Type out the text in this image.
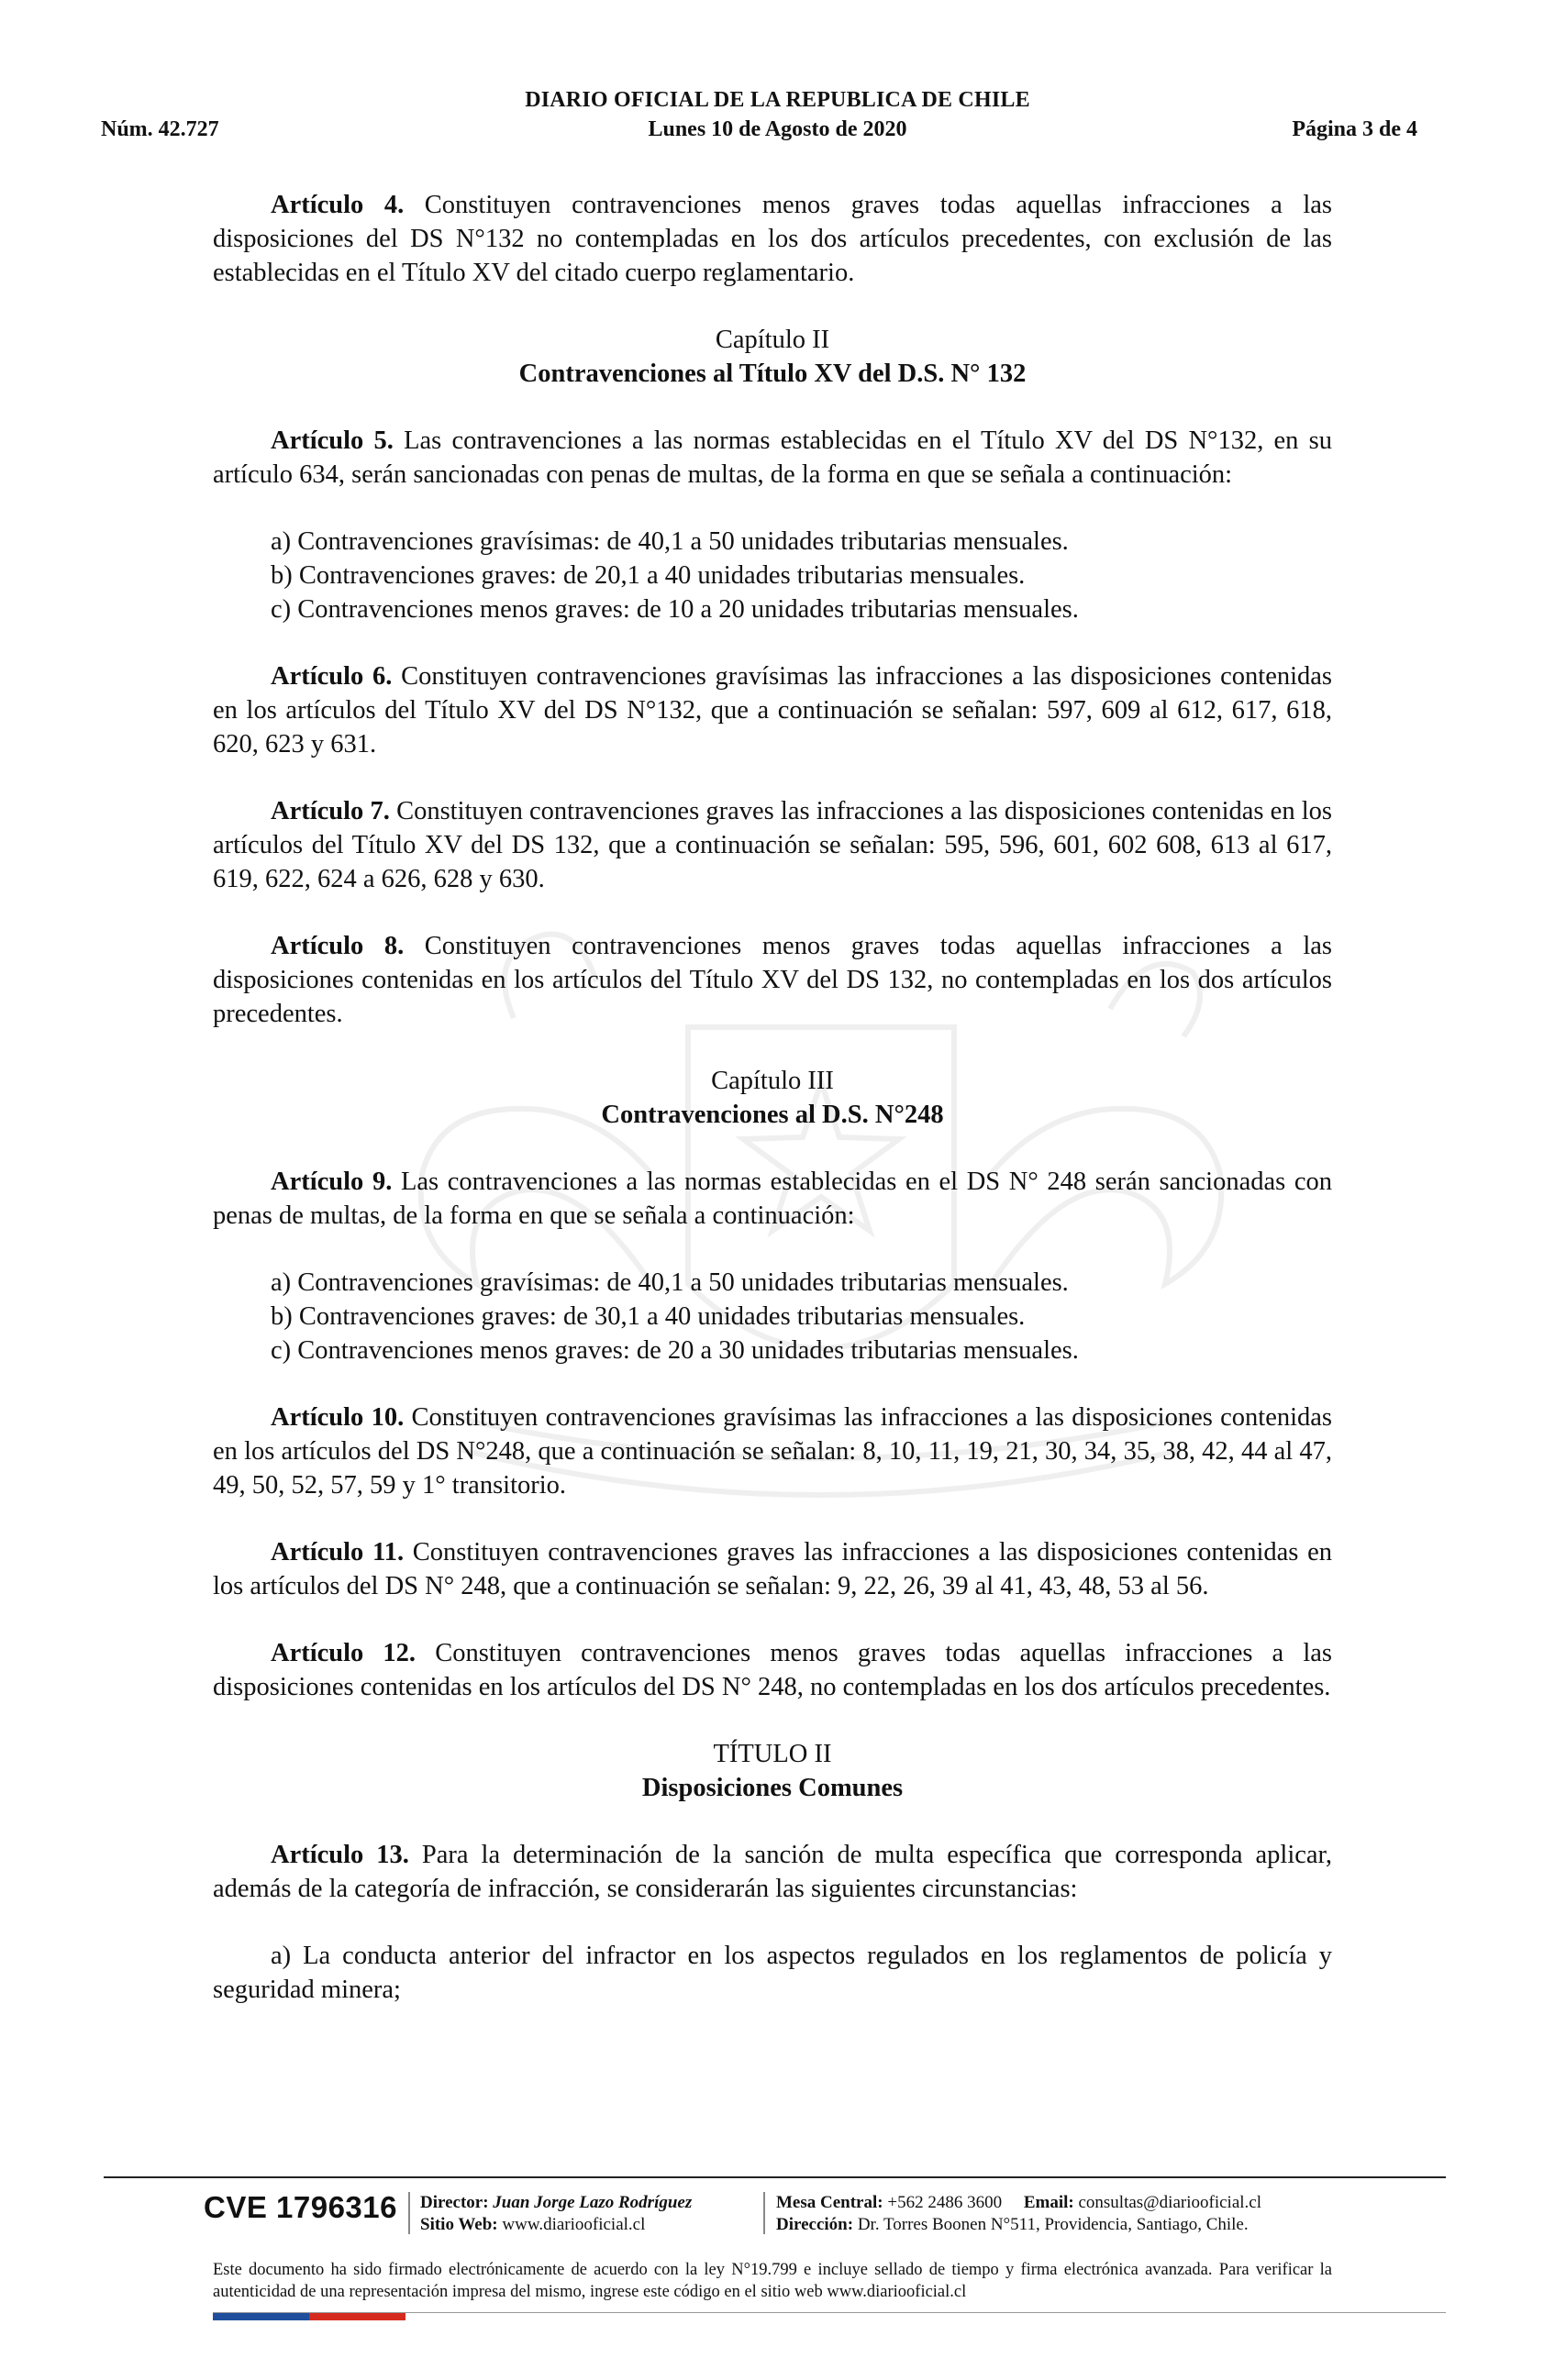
DIARIO OFICIAL DE LA REPUBLICA DE CHILE
Núm. 42.727	Lunes 10 de Agosto de 2020	Página 3 de 4

Artículo 4. Constituyen contravenciones menos graves todas aquellas infracciones a las disposiciones del DS N°132 no contempladas en los dos artículos precedentes, con exclusión de las establecidas en el Título XV del citado cuerpo reglamentario.

Capítulo II
Contravenciones al Título XV del D.S. N° 132

Artículo 5. Las contravenciones a las normas establecidas en el Título XV del DS N°132, en su artículo 634, serán sancionadas con penas de multas, de la forma en que se señala a continuación:

a) Contravenciones gravísimas: de 40,1 a 50 unidades tributarias mensuales.
b) Contravenciones graves: de 20,1 a 40 unidades tributarias mensuales.
c) Contravenciones menos graves: de 10 a 20 unidades tributarias mensuales.

Artículo 6. Constituyen contravenciones gravísimas las infracciones a las disposiciones contenidas en los artículos del Título XV del DS N°132, que a continuación se señalan: 597, 609 al 612, 617, 618, 620, 623 y 631.

Artículo 7. Constituyen contravenciones graves las infracciones a las disposiciones contenidas en los artículos del Título XV del DS 132, que a continuación se señalan: 595, 596, 601, 602 608, 613 al 617, 619, 622, 624 a 626, 628 y 630.

Artículo 8. Constituyen contravenciones menos graves todas aquellas infracciones a las disposiciones contenidas en los artículos del Título XV del DS 132, no contempladas en los dos artículos precedentes.

Capítulo III
Contravenciones al D.S. N°248

Artículo 9. Las contravenciones a las normas establecidas en el DS N° 248 serán sancionadas con penas de multas, de la forma en que se señala a continuación:

a) Contravenciones gravísimas: de 40,1 a 50 unidades tributarias mensuales.
b) Contravenciones graves: de 30,1 a 40 unidades tributarias mensuales.
c) Contravenciones menos graves: de 20 a 30 unidades tributarias mensuales.

Artículo 10. Constituyen contravenciones gravísimas las infracciones a las disposiciones contenidas en los artículos del DS N°248, que a continuación se señalan: 8, 10, 11, 19, 21, 30, 34, 35, 38, 42, 44 al 47, 49, 50, 52, 57, 59 y 1° transitorio.

Artículo 11. Constituyen contravenciones graves las infracciones a las disposiciones contenidas en los artículos del DS N° 248, que a continuación se señalan: 9, 22, 26, 39 al 41, 43, 48, 53 al 56.

Artículo 12. Constituyen contravenciones menos graves todas aquellas infracciones a las disposiciones contenidas en los artículos del DS N° 248, no contempladas en los dos artículos precedentes.

TÍTULO II
Disposiciones Comunes

Artículo 13. Para la determinación de la sanción de multa específica que corresponda aplicar, además de la categoría de infracción, se considerarán las siguientes circunstancias:

a) La conducta anterior del infractor en los aspectos regulados en los reglamentos de policía y seguridad minera;

CVE 1796316 Director: Juan Jorge Lazo Rodríguez
Sitio Web: www.diariooficial.cl
Mesa Central: +562 2486 3600 Email: consultas@diariooficial.cl
Dirección: Dr. Torres Boonen N°511, Providencia, Santiago, Chile.
Este documento ha sido firmado electrónicamente de acuerdo con la ley N°19.799 e incluye sellado de tiempo y firma electrónica avanzada. Para verificar la autenticidad de una representación impresa del mismo, ingrese este código en el sitio web www.diariooficial.cl
